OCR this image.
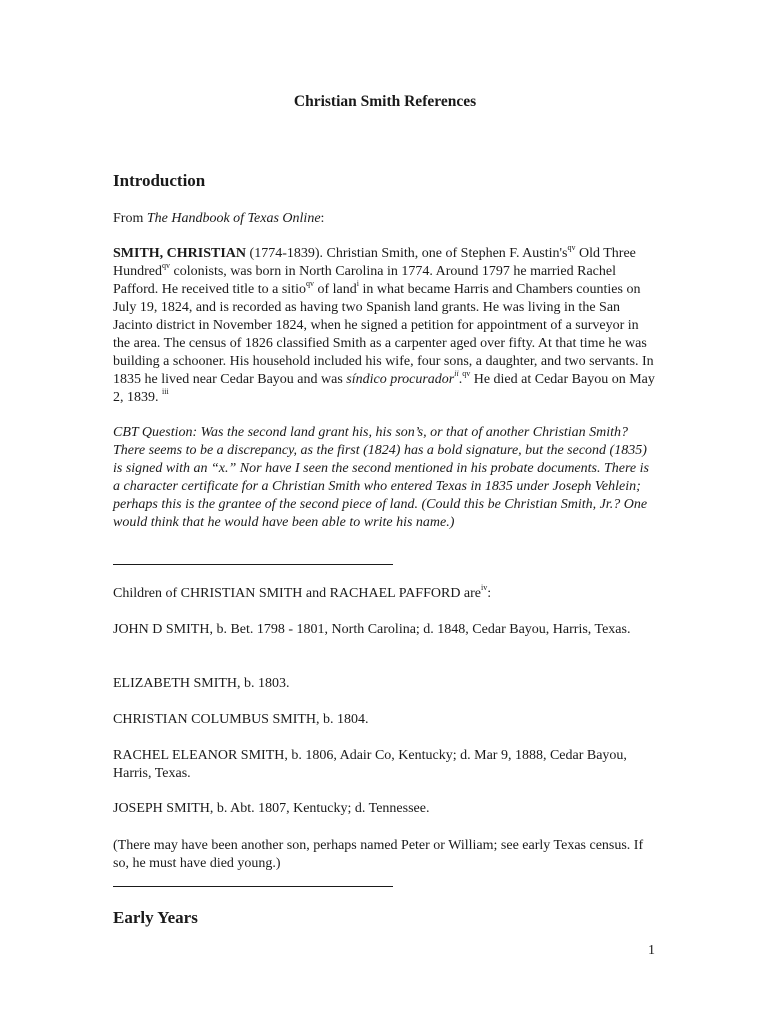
Christian Smith References
Introduction
From The Handbook of Texas Online:
SMITH, CHRISTIAN (1774-1839). Christian Smith, one of Stephen F. $Austin's^{qv}$ Old Three Hundred$^{qv}$ colonists, was born in North Carolina in 1774. Around 1797 he married Rachel Pafford. He received title to a sitio$^{qv}$ of land$^i$ in what became Harris and Chambers counties on July 19, 1824, and is recorded as having two Spanish land grants. He was living in the San Jacinto district in November 1824, when he signed a petition for appointment of a surveyor in the area. The census of 1826 classified Smith as a carpenter aged over fifty. At that time he was building a schooner. His household included his wife, four sons, a daughter, and two servants. In 1835 he lived near Cedar Bayou and was síndico procurador$^{ii}$.$^{qv}$ He died at Cedar Bayou on May 2, 1839. $^{iii}$
CBT Question: Was the second land grant his, his son’s, or that of another Christian Smith? There seems to be a discrepancy, as the first (1824) has a bold signature, but the second (1835) is signed with an “x.” Nor have I seen the second mentioned in his probate documents. There is a character certificate for a Christian Smith who entered Texas in 1835 under Joseph Vehlein; perhaps this is the grantee of the second piece of land. (Could this be Christian Smith, Jr.? One would think that he would have been able to write his name.)
Children of CHRISTIAN SMITH and RACHAEL PAFFORD are$^{iv}$:
JOHN D SMITH, b. Bet. 1798 - 1801, North Carolina; d. 1848, Cedar Bayou, Harris, Texas.
ELIZABETH SMITH, b. 1803.
CHRISTIAN COLUMBUS SMITH, b. 1804.
RACHEL ELEANOR SMITH, b. 1806, Adair Co, Kentucky; d. Mar 9, 1888, Cedar Bayou, Harris, Texas.
JOSEPH SMITH, b. Abt. 1807, Kentucky; d. Tennessee.
(There may have been another son, perhaps named Peter or William; see early Texas census. If so, he must have died young.)
Early Years
1
